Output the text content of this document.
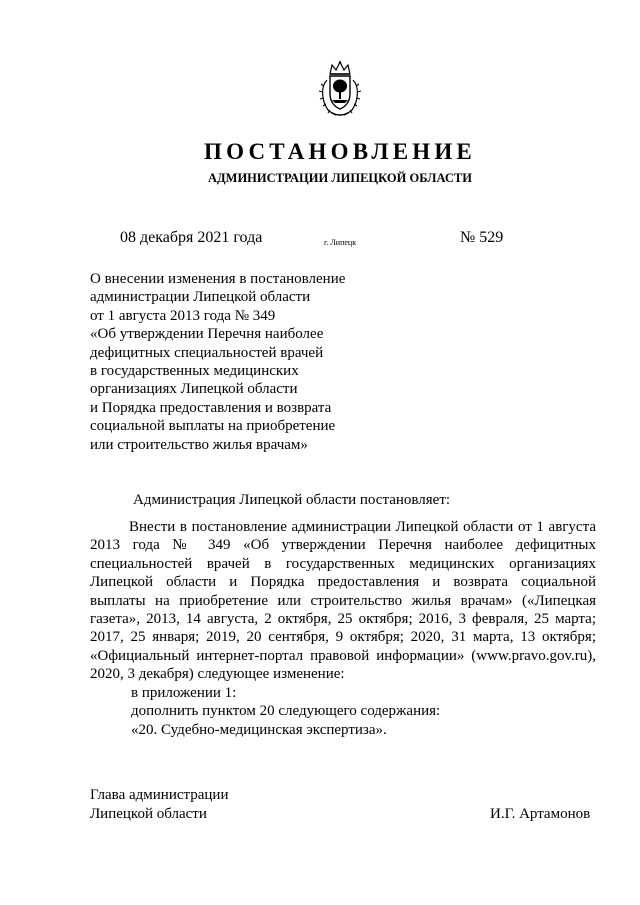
ПОСТАНОВЛЕНИЕ
АДМИНИСТРАЦИИ ЛИПЕЦКОЙ ОБЛАСТИ
08 декабря 2021 года	г. Липецк	№ 529
О внесении изменения в постановление
администрации Липецкой области
от 1 августа 2013 года № 349
«Об утверждении Перечня наиболее
дефицитных специальностей врачей
в государственных медицинских
организациях Липецкой области
и Порядка предоставления и возврата
социальной выплаты на приобретение
или строительство жилья врачам»
Администрация Липецкой области постановляет:
Внести в постановление администрации Липецкой области от 1 августа
2013 года № 349 «Об утверждении Перечня наиболее дефицитных
специальностей врачей в государственных медицинских организациях
Липецкой области и Порядка предоставления и возврата социальной
выплаты на приобретение или строительство жилья врачам» («Липецкая
газета», 2013, 14 августа, 2 октября, 25 октября; 2016, 3 февраля, 25 марта;
2017, 25 января; 2019, 20 сентября, 9 октября; 2020, 31 марта, 13 октября;
«Официальный интернет-портал правовой информации» (www.pravo.gov.ru),
2020, 3 декабря) следующее изменение:
в приложении 1:
дополнить пунктом 20 следующего содержания:
«20. Судебно-медицинская экспертиза».
Глава администрации
Липецкой области	И.Г. Артамонов
